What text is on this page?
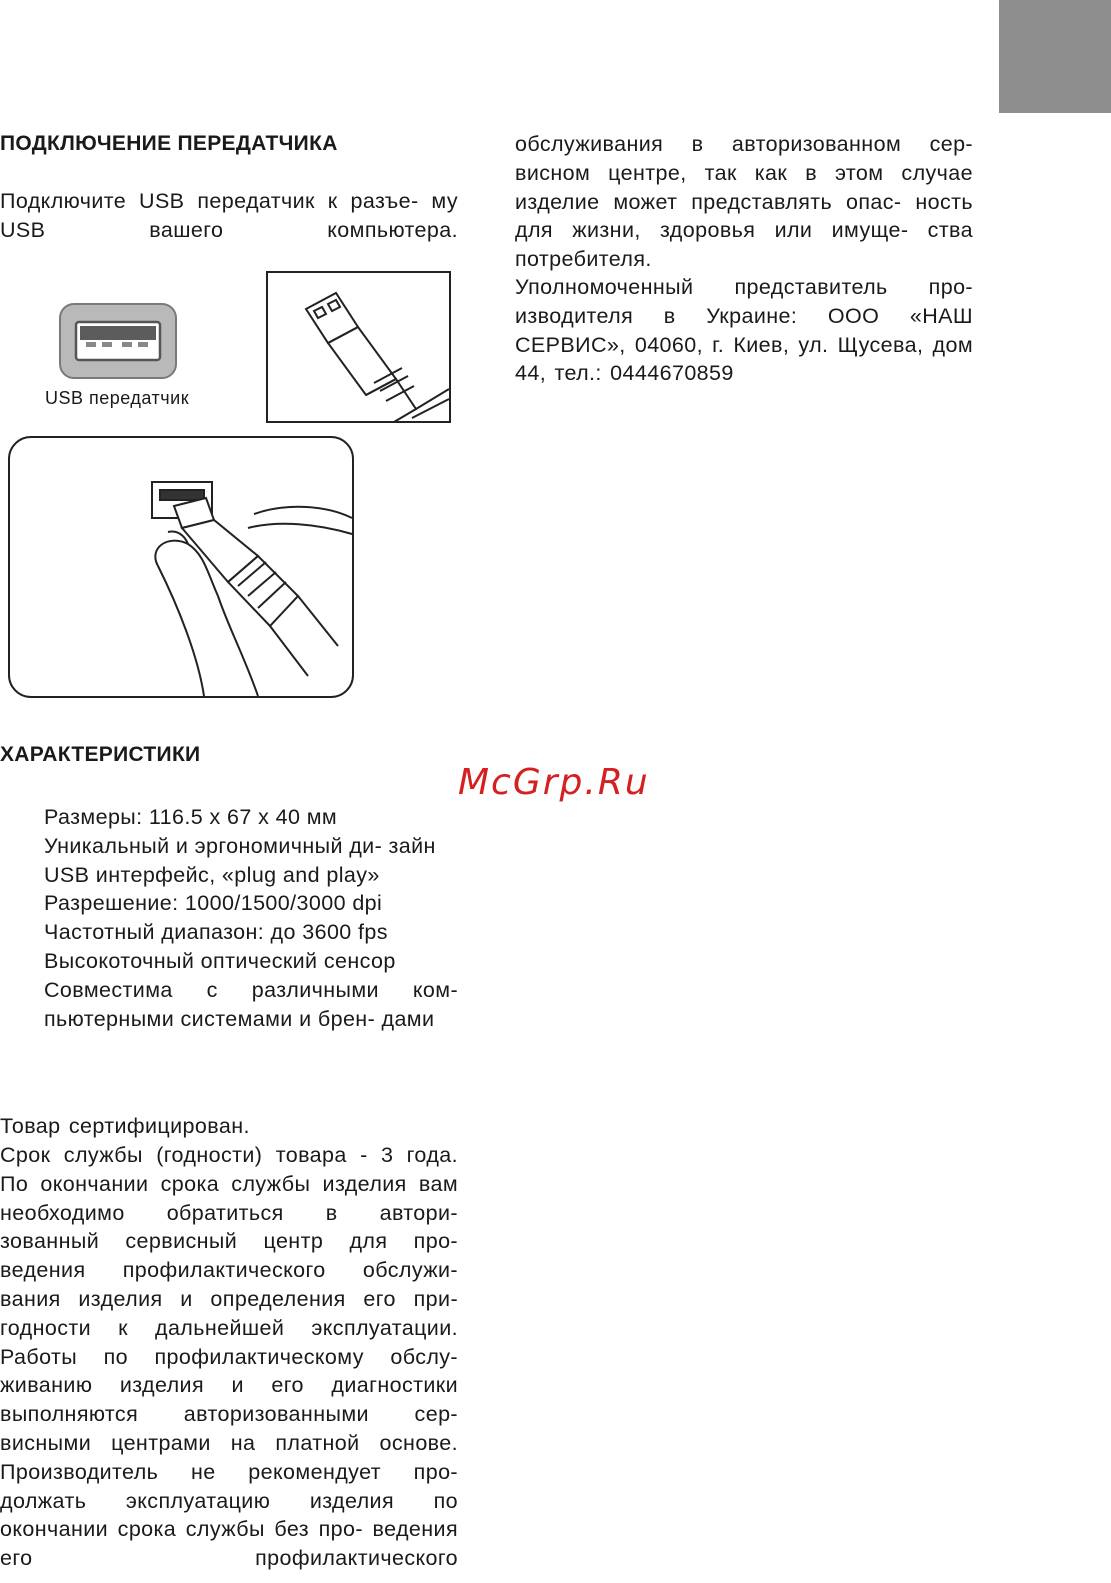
ПОДКЛЮЧЕНИЕ ПЕРЕДАТЧИКА

Подключите USB передатчик к разъе- му USB вашего компьютера.

USB передатчик
ХАРАКТЕРИСТИКИ
Размеры: 116.5 x 67 x 40 мм
Уникальный и эргономичный ди- зайн
USB интерфейс, «plug and play»
Разрешение: 1000/1500/3000 dpi
Частотный диапазон: до 3600 fps
Высокоточный оптический сенсор
Совместима с различными ком- пьютерными системами и брен- дами

Товар сертифицирован.

Срок службы (годности) товара - 3 года. По окончании срока службы изделия вам необходимо обратиться в автори- зованный сервисный центр для про- ведения профилактического обслужи- вания изделия и определения его при- годности к дальнейшей эксплуатации. Работы по профилактическому обслу- живанию изделия и его диагностики выполняются авторизованными сер- висными центрами на платной основе. Производитель не рекомендует про- должать эксплуатацию изделия по окончании срока службы без про- ведения его профилактического

обслуживания в авторизованном сер- висном центре, так как в этом случае изделие может представлять опас- ность для жизни, здоровья или имуще- ства потребителя.

Уполномоченный представитель про- изводителя в Украине: ООО «НАШ СЕРВИС», 04060, г. Киев, ул. Щусева, дом 44, тел.: 0444670859

McGrp.Ru
